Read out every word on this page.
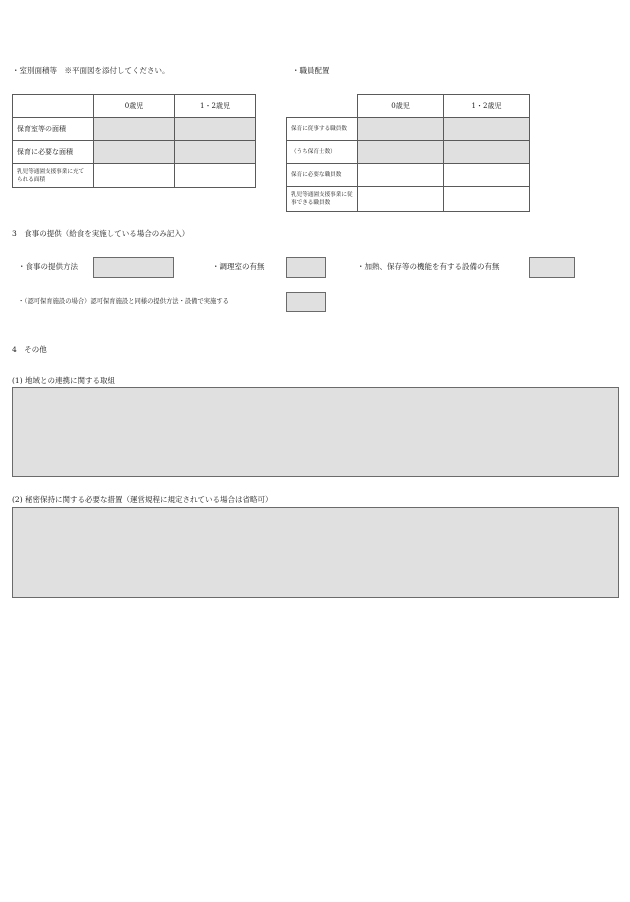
・室別面積等　※平面図を添付してください。
	0歳児	1・2歳児
保育室等の面積		
保育に必要な面積		
乳児等通園支援事業に充てられる面積		
・職員配置
	0歳児	1・2歳児
保育に従事する職員数		
（うち保育士数）		
保育に必要な職員数		
乳児等通園支援事業に従事できる職員数		
3　食事の提供（給食を実施している場合のみ記入）
・食事の提供方法	・調理室の有無	・加熱、保存等の機能を有する設備の有無
・（認可保育施設の場合）認可保育施設と同様の提供方法・設備で実施する
4　その他
(1) 地域との連携に関する取組
(2) 秘密保持に関する必要な措置（運営規程に規定されている場合は省略可）
